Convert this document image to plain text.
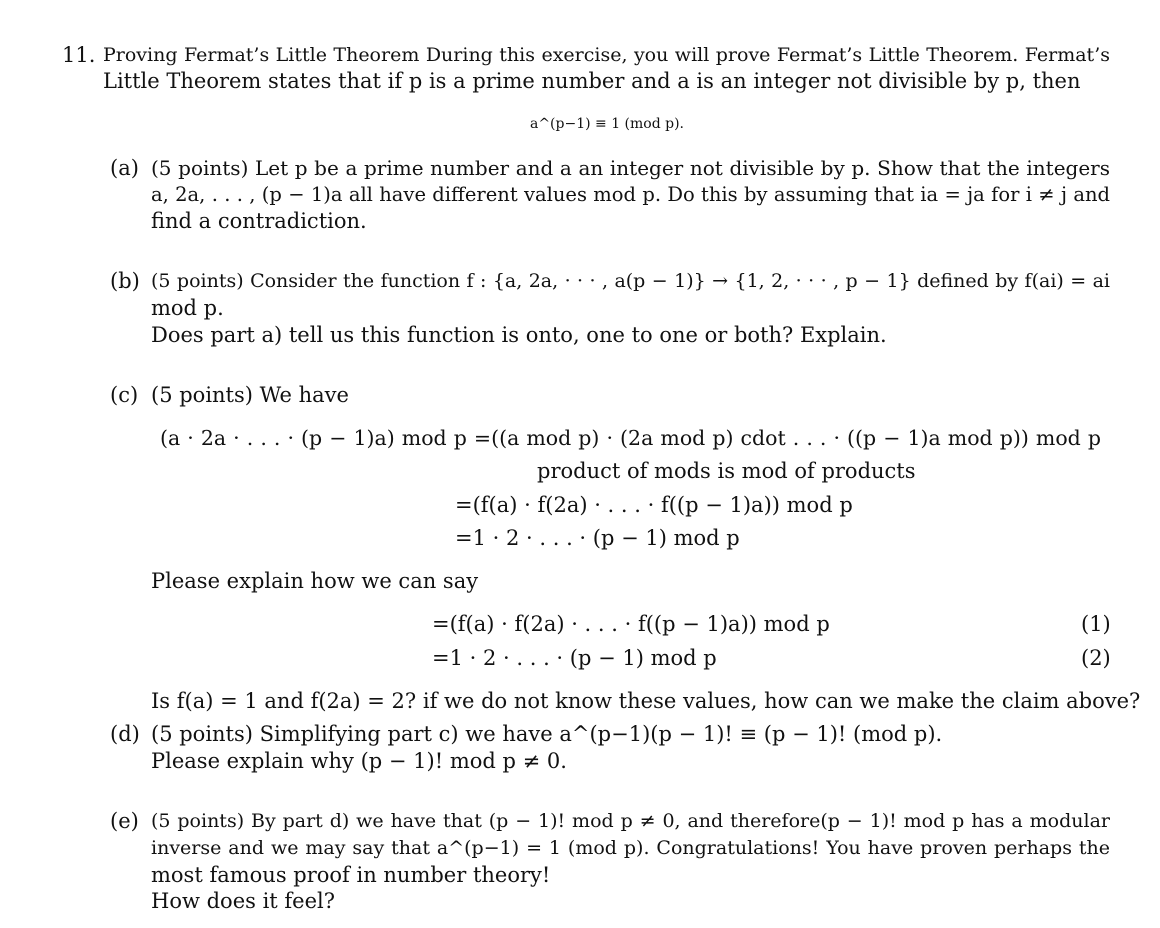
11. Proving Fermat’s Little Theorem During this exercise, you will prove Fermat’s Little Theorem. Fermat’s
Little Theorem states that if p is a prime number and a is an integer not divisible by p, then
a^(p−1) ≡ 1 (mod p).
(a) (5 points) Let p be a prime number and a an integer not divisible by p. Show that the integers
a, 2a, . . . , (p − 1)a all have different values mod p. Do this by assuming that ia = ja for i ≠ j and
find a contradiction.
(b) (5 points) Consider the function f : {a, 2a, · · · , a(p − 1)} → {1, 2, · · · , p − 1} defined by f(ai) = ai
mod p.
Does part a) tell us this function is onto, one to one or both? Explain.
(c) (5 points) We have
(a · 2a · . . . · (p − 1)a) mod p =((a mod p) · (2a mod p) cdot . . . · ((p − 1)a mod p)) mod p
product of mods is mod of products
=(f(a) · f(2a) · . . . · f((p − 1)a)) mod p
=1 · 2 · . . . · (p − 1) mod p
Please explain how we can say
=(f(a) · f(2a) · . . . · f((p − 1)a)) mod p	(1)
=1 · 2 · . . . · (p − 1) mod p	(2)
Is f(a) = 1 and f(2a) = 2? if we do not know these values, how can we make the claim above?
(d) (5 points) Simplifying part c) we have a^(p−1)(p − 1)! ≡ (p − 1)! (mod p).
Please explain why (p − 1)! mod p ≠ 0.
(e) (5 points) By part d) we have that (p − 1)! mod p ≠ 0, and therefore(p − 1)! mod p has a modular
inverse and we may say that a^(p−1) = 1 (mod p). Congratulations! You have proven perhaps the
most famous proof in number theory!
How does it feel?
